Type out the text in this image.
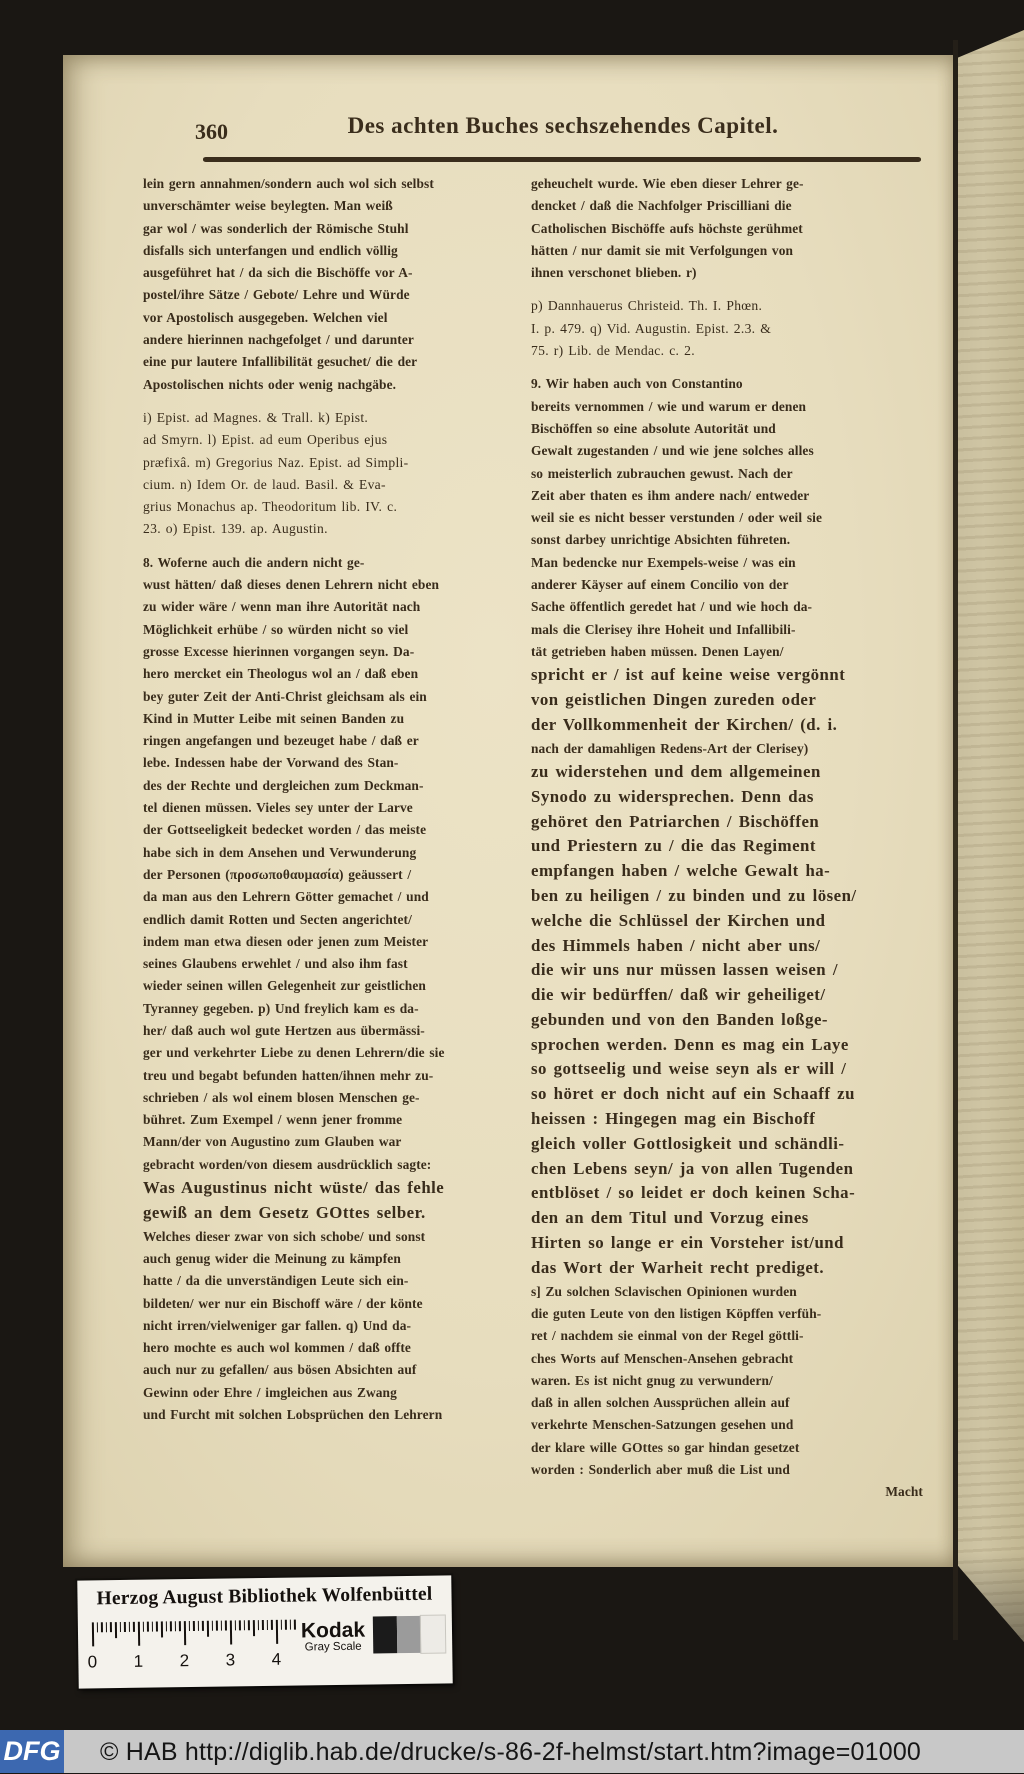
360	Des achten Buches sechszehendes Capitel.
lein gern annahmen/sondern auch wol sich selbst
unverschämter weise beylegten. Man weiß
gar wol / was sonderlich der Römische Stuhl
disfalls sich unterfangen und endlich völlig
ausgeführet hat / da sich die Bischöffe vor A-
postel/ihre Sätze / Gebote/ Lehre und Würde
vor Apostolisch ausgegeben. Welchen viel
andere hierinnen nachgefolget / und darunter
eine pur lautere Infallibilität gesuchet/ die der
Apostolischen nichts oder wenig nachgäbe.
i) Epist. ad Magnes. & Trall. k) Epist.
ad Smyrn. l) Epist. ad eum Operibus ejus
præfixâ. m) Gregorius Naz. Epist. ad Simpli-
cium. n) Idem Or. de laud. Basil. & Eva-
grius Monachus ap. Theodoritum lib. IV. c.
23. o) Epist. 139. ap. Augustin.
8. Woferne auch die andern nicht ge-
wust hätten/ daß dieses denen Lehrern nicht eben
zu wider wäre / wenn man ihre Autorität nach
Möglichkeit erhübe / so würden nicht so viel
grosse Excesse hierinnen vorgangen seyn. Da-
hero mercket ein Theologus wol an / daß eben
bey guter Zeit der Anti-Christ gleichsam als ein
Kind in Mutter Leibe mit seinen Banden zu
ringen angefangen und bezeuget habe / daß er
lebe. Indessen habe der Vorwand des Stan-
des der Rechte und dergleichen zum Deckman-
tel dienen müssen. Vieles sey unter der Larve
der Gottseeligkeit bedecket worden / das meiste
habe sich in dem Ansehen und Verwunderung
der Personen (προσωποθαυμασία) geäussert /
da man aus den Lehrern Götter gemachet / und
endlich damit Rotten und Secten angerichtet/
indem man etwa diesen oder jenen zum Meister
seines Glaubens erwehlet / und also ihm fast
wieder seinen willen Gelegenheit zur geistlichen
Tyranney gegeben. p) Und freylich kam es da-
her/ daß auch wol gute Hertzen aus übermässi-
ger und verkehrter Liebe zu denen Lehrern/die sie
treu und begabt befunden hatten/ihnen mehr zu-
schrieben / als wol einem blosen Menschen ge-
bühret. Zum Exempel / wenn jener fromme
Mann/der von Augustino zum Glauben war
gebracht worden/von diesem ausdrücklich sagte:
Was Augustinus nicht wüste/ das fehle
gewiß an dem Gesetz GOttes selber.
Welches dieser zwar von sich schobe/ und sonst
auch genug wider die Meinung zu kämpfen
hatte / da die unverständigen Leute sich ein-
bildeten/ wer nur ein Bischoff wäre / der könte
nicht irren/vielweniger gar fallen. q) Und da-
hero mochte es auch wol kommen / daß offte
auch nur zu gefallen/ aus bösen Absichten auf
Gewinn oder Ehre / imgleichen aus Zwang
und Furcht mit solchen Lobsprüchen den Lehrern
geheuchelt wurde. Wie eben dieser Lehrer ge-
dencket / daß die Nachfolger Priscilliani die
Catholischen Bischöffe aufs höchste gerühmet
hätten / nur damit sie mit Verfolgungen von
ihnen verschonet blieben. r)
p) Dannhauerus Christeid. Th. I. Phœn.
I. p. 479. q) Vid. Augustin. Epist. 2.3. &
75. r) Lib. de Mendac. c. 2.
9. Wir haben auch von Constantino
bereits vernommen / wie und warum er denen
Bischöffen so eine absolute Autorität und
Gewalt zugestanden / und wie jene solches alles
so meisterlich zubrauchen gewust. Nach der
Zeit aber thaten es ihm andere nach/ entweder
weil sie es nicht besser verstunden / oder weil sie
sonst darbey unrichtige Absichten führeten.
Man bedencke nur Exempels-weise / was ein
anderer Käyser auf einem Concilio von der
Sache öffentlich geredet hat / und wie hoch da-
mals die Clerisey ihre Hoheit und Infallibili-
tät getrieben haben müssen. Denen Layen/
spricht er / ist auf keine weise vergönnt
von geistlichen Dingen zureden oder
der Vollkommenheit der Kirchen/ (d. i.
nach der damahligen Redens-Art der Clerisey)
zu widerstehen und dem allgemeinen
Synodo zu widersprechen. Denn das
gehöret den Patriarchen / Bischöffen
und Priestern zu / die das Regiment
empfangen haben / welche Gewalt ha-
ben zu heiligen / zu binden und zu lösen/
welche die Schlüssel der Kirchen und
des Himmels haben / nicht aber uns/
die wir uns nur müssen lassen weisen /
die wir bedürffen/ daß wir geheiliget/
gebunden und von den Banden loßge-
sprochen werden. Denn es mag ein Laye
so gottseelig und weise seyn als er will /
so höret er doch nicht auf ein Schaaff zu
heissen : Hingegen mag ein Bischoff
gleich voller Gottlosigkeit und schändli-
chen Lebens seyn/ ja von allen Tugenden
entblöset / so leidet er doch keinen Scha-
den an dem Titul und Vorzug eines
Hirten so lange er ein Vorsteher ist/und
das Wort der Warheit recht prediget.
s] Zu solchen Sclavischen Opinionen wurden
die guten Leute von den listigen Köpffen verfüh-
ret / nachdem sie einmal von der Regel göttli-
ches Worts auf Menschen-Ansehen gebracht
waren. Es ist nicht gnug zu verwundern/
daß in allen solchen Aussprüchen allein auf
verkehrte Menschen-Satzungen gesehen und
der klare wille GOttes so gar hindan gesetzet
worden : Sonderlich aber muß die List und
Macht
Herzog August Bibliothek Wolfenbüttel
0 1 2 3 4
Kodak
Gray Scale
DFG © HAB http://diglib.hab.de/drucke/s-86-2f-helmst/start.htm?image=01000
